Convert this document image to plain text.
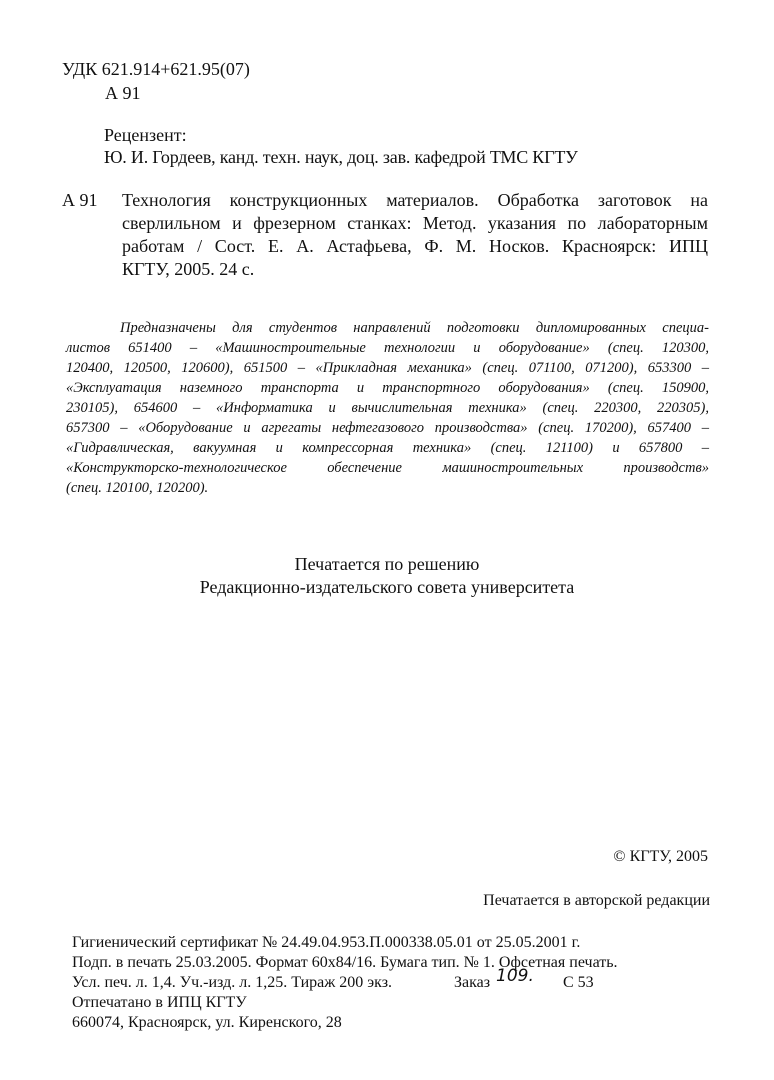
УДК 621.914+621.95(07)
А 91
Рецензент:
Ю. И. Гордеев, канд. техн. наук, доц. зав. кафедрой ТМС КГТУ
А 91 Технология конструкционных материалов. Обработка заготовок на
сверлильном и фрезерном станках: Метод. указания по лабораторным
работам / Сост. Е. А. Астафьева, Ф. М. Носков. Красноярск: ИПЦ
КГТУ, 2005. 24 с.
Предназначены для студентов направлений подготовки дипломированных специа-
листов 651400 – «Машиностроительные технологии и оборудование» (спец. 120300,
120400, 120500, 120600), 651500 – «Прикладная механика» (спец. 071100, 071200), 653300 –
«Эксплуатация наземного транспорта и транспортного оборудования» (спец. 150900,
230105), 654600 – «Информатика и вычислительная техника» (спец. 220300, 220305),
657300 – «Оборудование и агрегаты нефтегазового производства» (спец. 170200), 657400 –
«Гидравлическая, вакуумная и компрессорная техника» (спец. 121100) и 657800 –
«Конструкторско-технологическое обеспечение машиностроительных производств»
(спец. 120100, 120200).
Печатается по решению
Редакционно-издательского совета университета
© КГТУ, 2005
Печатается в авторской редакции
Гигиенический сертификат № 24.49.04.953.П.000338.05.01 от 25.05.2001 г.
Подп. в печать 25.03.2005. Формат 60х84/16. Бумага тип. № 1. Офсетная печать.
Усл. печ. л. 1,4. Уч.-изд. л. 1,25. Тираж 200 экз.	Заказ 109. С 53
Отпечатано в ИПЦ КГТУ
660074, Красноярск, ул. Киренского, 28
